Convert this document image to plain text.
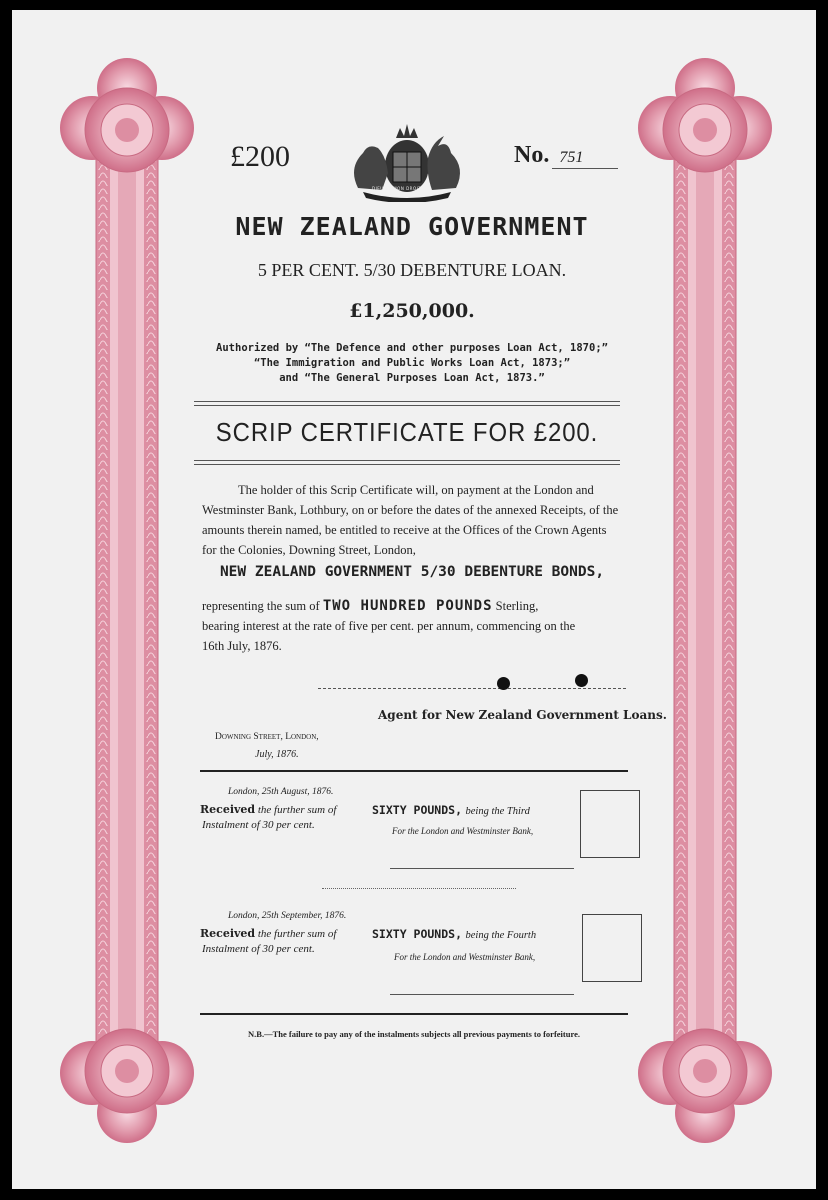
£200
DIEU ET MON DROIT
No. 751
NEW ZEALAND GOVERNMENT
5 PER CENT. 5/30 DEBENTURE LOAN.
£1,250,000.
Authorized by “The Defence and other purposes Loan Act, 1870;”
“The Immigration and Public Works Loan Act, 1873;”
and “The General Purposes Loan Act, 1873.”
SCRIP CERTIFICATE FOR £200.
The holder of this Scrip Certificate will, on payment at the London and
Westminster Bank, Lothbury, on or before the dates of the annexed Receipts, of the
amounts therein named, be entitled to receive at the Offices of the Crown Agents
for the Colonies, Downing Street, London,
NEW ZEALAND GOVERNMENT 5/30 DEBENTURE BONDS,
representing the sum of TWO HUNDRED POUNDS Sterling,
bearing interest at the rate of five per cent. per annum, commencing on the
16th July, 1876.
Agent for New Zealand Government Loans.
Downing Street, London,
July, 1876.
London, 25th August, 1876.
Received the further sum of
Instalment of 30 per cent.
SIXTY POUNDS, being the Third
For the London and Westminster Bank,
London, 25th September, 1876.
Received the further sum of
Instalment of 30 per cent.
SIXTY POUNDS, being the Fourth
For the London and Westminster Bank,
N.B.—The failure to pay any of the instalments subjects all previous payments to forfeiture.
